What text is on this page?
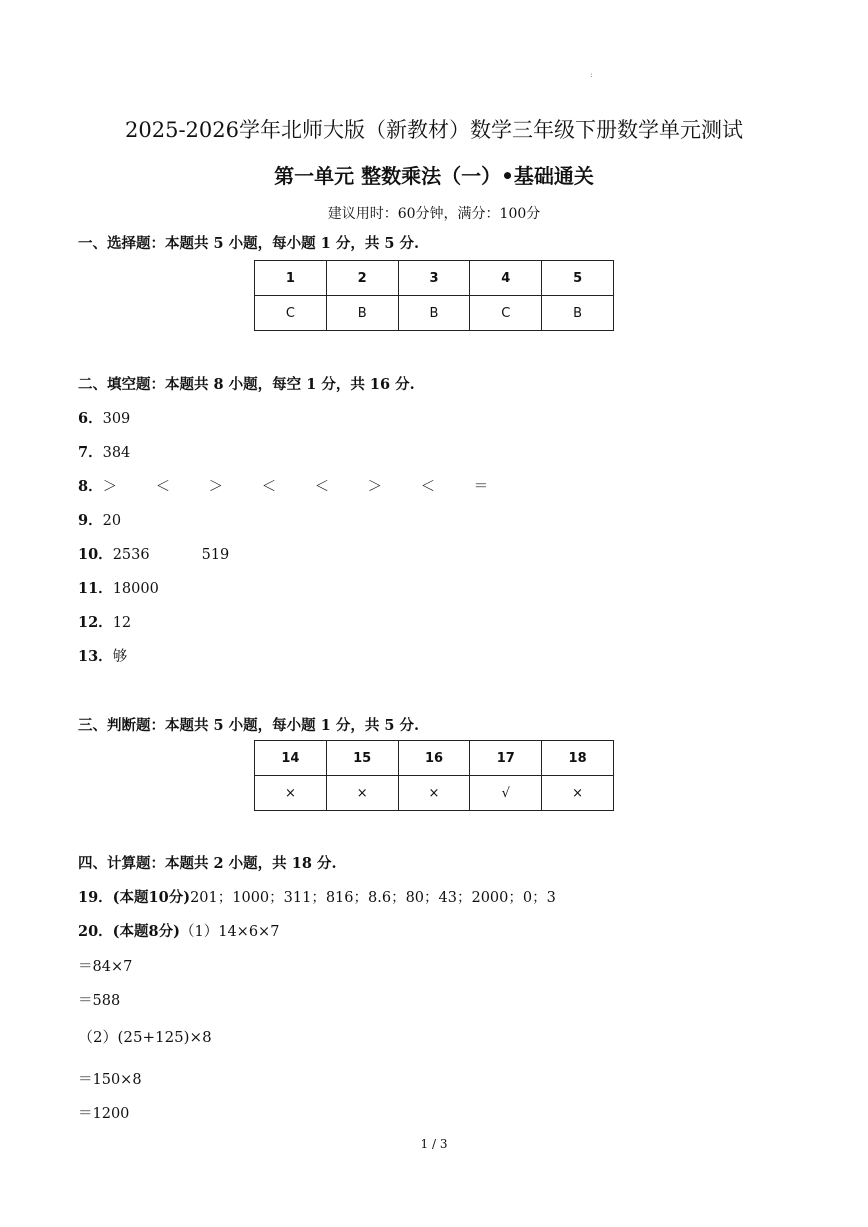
:
2025-2026学年北师大版（新教材）数学三年级下册数学单元测试
第一单元 整数乘法（一）•基础通关
建议用时：60分钟，满分：100分
一、选择题：本题共 5 小题，每小题 1 分，共 5 分.
1	2	3	4	5
C	B	B	C	B
二、填空题：本题共 8 小题，每空 1 分，共 16 分.
6．309
7．384
8．＞	＜	＞	＜	＜	＞	＜	＝
9．20
10．2536	519
11．18000
12．12
13．够
三、判断题：本题共 5 小题，每小题 1 分，共 5 分.
14	15	16	17	18
×	×	×	√	×
四、计算题：本题共 2 小题，共 18 分.
19．(本题10分)201；1000；311；816；8.6；80；43；2000；0；3
20．(本题8分)（1）14×6×7
＝84×7
＝588
（2）(25+125)×8
＝150×8
＝1200
1 / 3
